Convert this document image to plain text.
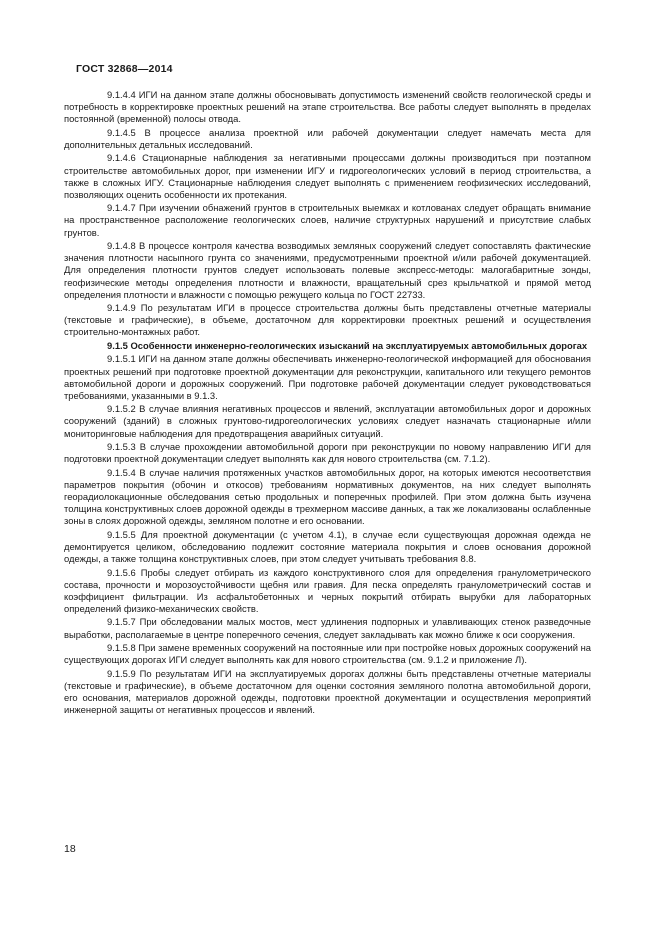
ГОСТ 32868—2014

9.1.4.4 ИГИ на данном этапе должны обосновывать допустимость изменений свойств геологической среды и потребность в корректировке проектных решений на этапе строительства. Все работы следует выполнять в пределах постоянной (временной) полосы отвода.

9.1.4.5 В процессе анализа проектной или рабочей документации следует намечать места для дополнительных детальных исследований.

9.1.4.6 Стационарные наблюдения за негативными процессами должны производиться при поэтапном строительстве автомобильных дорог, при изменении ИГУ и гидрогеологических условий в период строительства, а также в сложных ИГУ. Стационарные наблюдения следует выполнять с применением геофизических исследований, позволяющих оценить особенности их протекания.

9.1.4.7 При изучении обнажений грунтов в строительных выемках и котлованах следует обращать внимание на пространственное расположение геологических слоев, наличие структурных нарушений и присутствие слабых грунтов.

9.1.4.8 В процессе контроля качества возводимых земляных сооружений следует сопоставлять фактические значения плотности насыпного грунта со значениями, предусмотренными проектной и/или рабочей документацией. Для определения плотности грунтов следует использовать полевые экспресс-методы: малогабаритные зонды, геофизические методы определения плотности и влажности, вращательный срез крыльчаткой и прямой метод определения плотности и влажности с помощью режущего кольца по ГОСТ 22733.

9.1.4.9 По результатам ИГИ в процессе строительства должны быть представлены отчетные материалы (текстовые и графические), в объеме, достаточном для корректировки проектных решений и осуществления строительно-монтажных работ.

9.1.5 Особенности инженерно-геологических изысканий на эксплуатируемых автомобильных дорогах

9.1.5.1 ИГИ на данном этапе должны обеспечивать инженерно-геологической информацией для обоснования проектных решений при подготовке проектной документации для реконструкции, капитального или текущего ремонтов автомобильной дороги и дорожных сооружений. При подготовке рабочей документации следует руководствоваться требованиями, указанными в 9.1.3.

9.1.5.2 В случае влияния негативных процессов и явлений, эксплуатации автомобильных дорог и дорожных сооружений (зданий) в сложных грунтово-гидрогеологических условиях следует назначать стационарные и/или мониторинговые наблюдения для предотвращения аварийных ситуаций.

9.1.5.3 В случае прохождении автомобильной дороги при реконструкции по новому направлению ИГИ для подготовки проектной документации следует выполнять как для нового строительства (см. 7.1.2).

9.1.5.4 В случае наличия протяженных участков автомобильных дорог, на которых имеются несоответствия параметров покрытия (обочин и откосов) требованиям нормативных документов, на них следует выполнять георадиолокационные обследования сетью продольных и поперечных профилей. При этом должна быть изучена толщина конструктивных слоев дорожной одежды в трехмерном массиве данных, а так же локализованы ослабленные зоны в слоях дорожной одежды, земляном полотне и его основании.

9.1.5.5 Для проектной документации (с учетом 4.1), в случае если существующая дорожная одежда не демонтируется целиком, обследованию подлежит состояние материала покрытия и слоев основания дорожной одежды, а также толщина конструктивных слоев, при этом следует учитывать требования 8.8.

9.1.5.6 Пробы следует отбирать из каждого конструктивного слоя для определения гранулометрического состава, прочности и морозоустойчивости щебня или гравия. Для песка определять гранулометрический состав и коэффициент фильтрации. Из асфальтобетонных и черных покрытий отбирать вырубки для лабораторных определений физико-механических свойств.

9.1.5.7 При обследовании малых мостов, мест удлинения подпорных и улавливающих стенок разведочные выработки, располагаемые в центре поперечного сечения, следует закладывать как можно ближе к оси сооружения.

9.1.5.8 При замене временных сооружений на постоянные или при постройке новых дорожных сооружений на существующих дорогах ИГИ следует выполнять как для нового строительства (см. 9.1.2 и приложение Л).

9.1.5.9 По результатам ИГИ на эксплуатируемых дорогах должны быть представлены отчетные материалы (текстовые и графические), в объеме достаточном для оценки состояния земляного полотна автомобильной дороги, его основания, материалов дорожной одежды, подготовки проектной документации и осуществления мероприятий инженерной защиты от негативных процессов и явлений.

18
